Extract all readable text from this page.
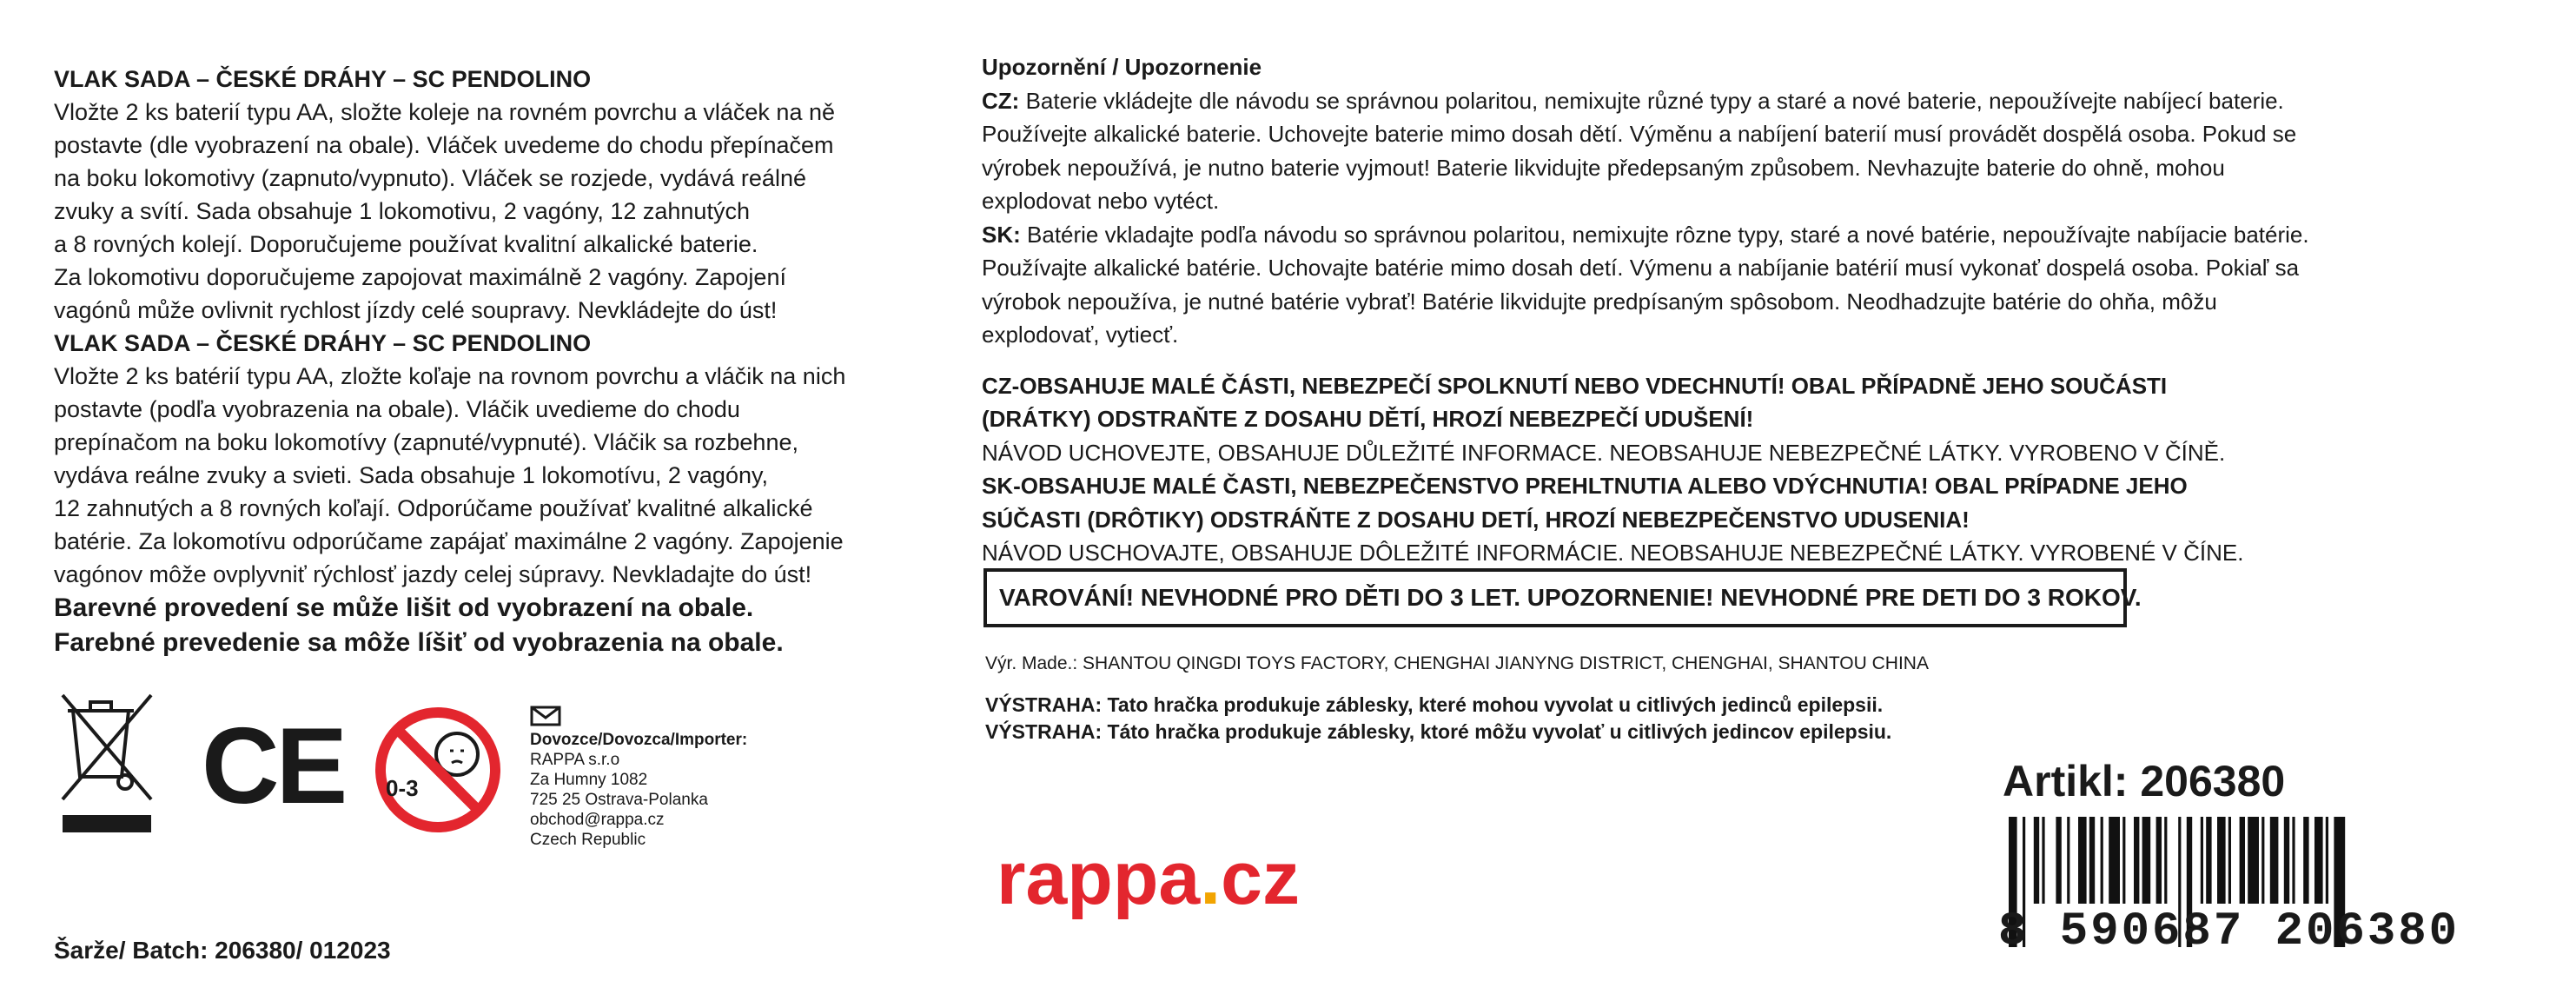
VLAK SADA – ČESKÉ DRÁHY – SC PENDOLINO
Vložte 2 ks baterií typu AA, složte koleje na rovném povrchu a vláček na ně
postavte (dle vyobrazení na obale). Vláček uvedeme do chodu přepínačem
na boku lokomotivy (zapnuto/vypnuto). Vláček se rozjede, vydává reálné
zvuky a svítí. Sada obsahuje 1 lokomotivu, 2 vagóny, 12 zahnutých
a 8 rovných kolejí. Doporučujeme používat kvalitní alkalické baterie.
Za lokomotivu doporučujeme zapojovat maximálně 2 vagóny. Zapojení
vagónů může ovlivnit rychlost jízdy celé soupravy. Nevkládejte do úst!
VLAK SADA – ČESKÉ DRÁHY – SC PENDOLINO
Vložte 2 ks batérií typu AA, zložte koľaje na rovnom povrchu a vláčik na nich
postavte (podľa vyobrazenia na obale). Vláčik uvedieme do chodu
prepínačom na boku lokomotívy (zapnuté/vypnuté). Vláčik sa rozbehne,
vydáva reálne zvuky a svieti. Sada obsahuje 1 lokomotívu, 2 vagóny,
12 zahnutých a 8 rovných koľají. Odporúčame používať kvalitné alkalické
batérie. Za lokomotívu odporúčame zapájať maximálne 2 vagóny. Zapojenie
vagónov môže ovplyvniť rýchlosť jazdy celej súpravy. Nevkladajte do úst!
Barevné provedení se může lišit od vyobrazení na obale.
Farebné prevedenie sa môže líšiť od vyobrazenia na obale.
CE 0-3
Dovozce/Dovozca/Importer:
RAPPA s.r.o
Za Humny 1082
725 25 Ostrava-Polanka
obchod@rappa.cz
Czech Republic
Šarže/ Batch: 206380/ 012023
rappa.cz
Upozornění / Upozornenie
CZ: Baterie vkládejte dle návodu se správnou polaritou, nemixujte různé typy a staré a nové baterie, nepoužívejte nabíjecí baterie.
Používejte alkalické baterie. Uchovejte baterie mimo dosah dětí. Výměnu a nabíjení baterií musí provádět dospělá osoba. Pokud se
výrobek nepoužívá, je nutno baterie vyjmout! Baterie likvidujte předepsaným způsobem. Nevhazujte baterie do ohně, mohou
explodovat nebo vytéct.
SK: Batérie vkladajte podľa návodu so správnou polaritou, nemixujte rôzne typy, staré a nové batérie, nepoužívajte nabíjacie batérie.
Používajte alkalické batérie. Uchovajte batérie mimo dosah detí. Výmenu a nabíjanie batérií musí vykonať dospelá osoba. Pokiaľ sa
výrobok nepoužíva, je nutné batérie vybrať! Batérie likvidujte predpísaným spôsobom. Neodhadzujte batérie do ohňa, môžu
explodovať, vytiecť.
CZ-OBSAHUJE MALÉ ČÁSTI, NEBEZPEČÍ SPOLKNUTÍ NEBO VDECHNUTÍ! OBAL PŘÍPADNĚ JEHO SOUČÁSTI
(DRÁTKY) ODSTRAŇTE Z DOSAHU DĚTÍ, HROZÍ NEBEZPEČÍ UDUŠENÍ!
NÁVOD UCHOVEJTE, OBSAHUJE DŮLEŽITÉ INFORMACE. NEOBSAHUJE NEBEZPEČNÉ LÁTKY. VYROBENO V ČÍNĚ.
SK-OBSAHUJE MALÉ ČASTI, NEBEZPEČENSTVO PREHLTNUTIA ALEBO VDÝCHNUTIA! OBAL PRÍPADNE JEHO
SÚČASTI (DRÔTIKY) ODSTRÁŇTE Z DOSAHU DETÍ, HROZÍ NEBEZPEČENSTVO UDUSENIA!
NÁVOD USCHOVAJTE, OBSAHUJE DÔLEŽITÉ INFORMÁCIE. NEOBSAHUJE NEBEZPEČNÉ LÁTKY. VYROBENÉ V ČÍNE.
VAROVÁNÍ! NEVHODNÉ PRO DĚTI DO 3 LET. UPOZORNENIE! NEVHODNÉ PRE DETI DO 3 ROKOV.
Výr. Made.: SHANTOU QINGDI TOYS FACTORY, CHENGHAI JIANYNG DISTRICT, CHENGHAI, SHANTOU CHINA
VÝSTRAHA: Tato hračka produkuje záblesky, které mohou vyvolat u citlivých jedinců epilepsii.
VÝSTRAHA: Táto hračka produkuje záblesky, ktoré môžu vyvolať u citlivých jedincov epilepsiu.
Artikl: 206380
8 590687 206380
